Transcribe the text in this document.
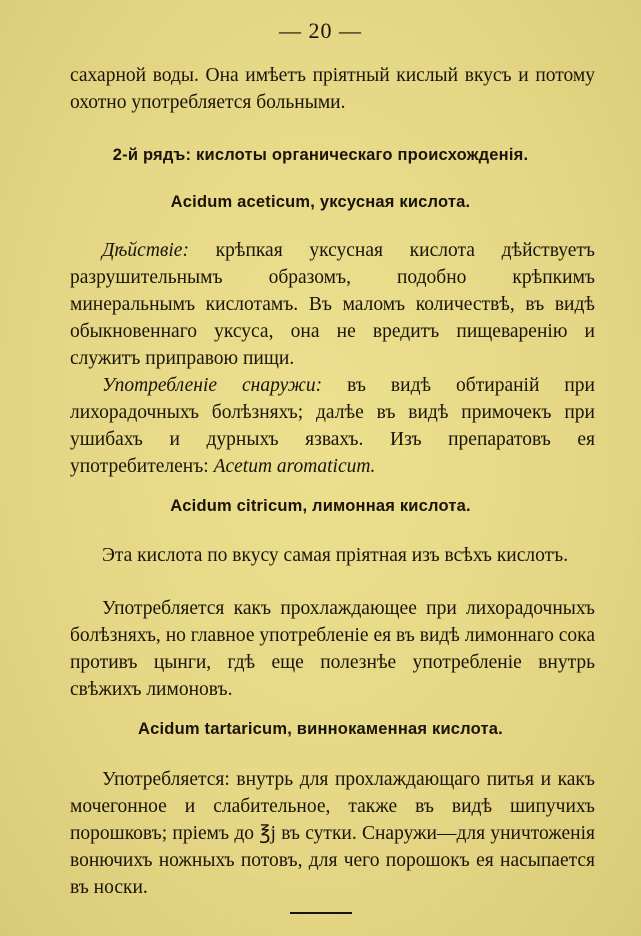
— 20 —

сахарной воды. Она имѣетъ пріятный кислый вкусъ и потому охотно употребляется больными.

2-й рядъ: кислоты органическаго происхожденія.
Acidum aceticum, уксусная кислота.

Дѣйствіе: крѣпкая уксусная кислота дѣйствуетъ разрушительнымъ образомъ, подобно крѣпкимъ минеральнымъ кислотамъ. Въ маломъ количествѣ, въ видѣ обыкновеннаго уксуса, она не вредитъ пищеваренію и служитъ приправою пищи.

Употребленіе снаружи: въ видѣ обтираній при лихорадочныхъ болѣзняхъ; далѣе въ видѣ примочекъ при ушибахъ и дурныхъ язвахъ. Изъ препаратовъ ея употребителенъ: Acetum aromaticum.

Acidum citricum, лимонная кислота.

Эта кислота по вкусу самая пріятная изъ всѣхъ кислотъ.

Употребляется какъ прохлаждающее при лихорадочныхъ болѣзняхъ, но главное употребленіе ея въ видѣ лимоннаго сока противъ цынги, гдѣ еще полезнѣе употребленіе внутрь свѣжихъ лимоновъ.

Acidum tartaricum, виннокаменная кислота.

Употребляется: внутрь для прохлаждающаго питья и какъ мочегонное и слабительное, также въ видѣ шипучихъ порошковъ; пріемъ до ℥j въ сутки. Снаружи—для уничтоженія вонючихъ ножныхъ потовъ, для чего порошокъ ея насыпается въ носки.
